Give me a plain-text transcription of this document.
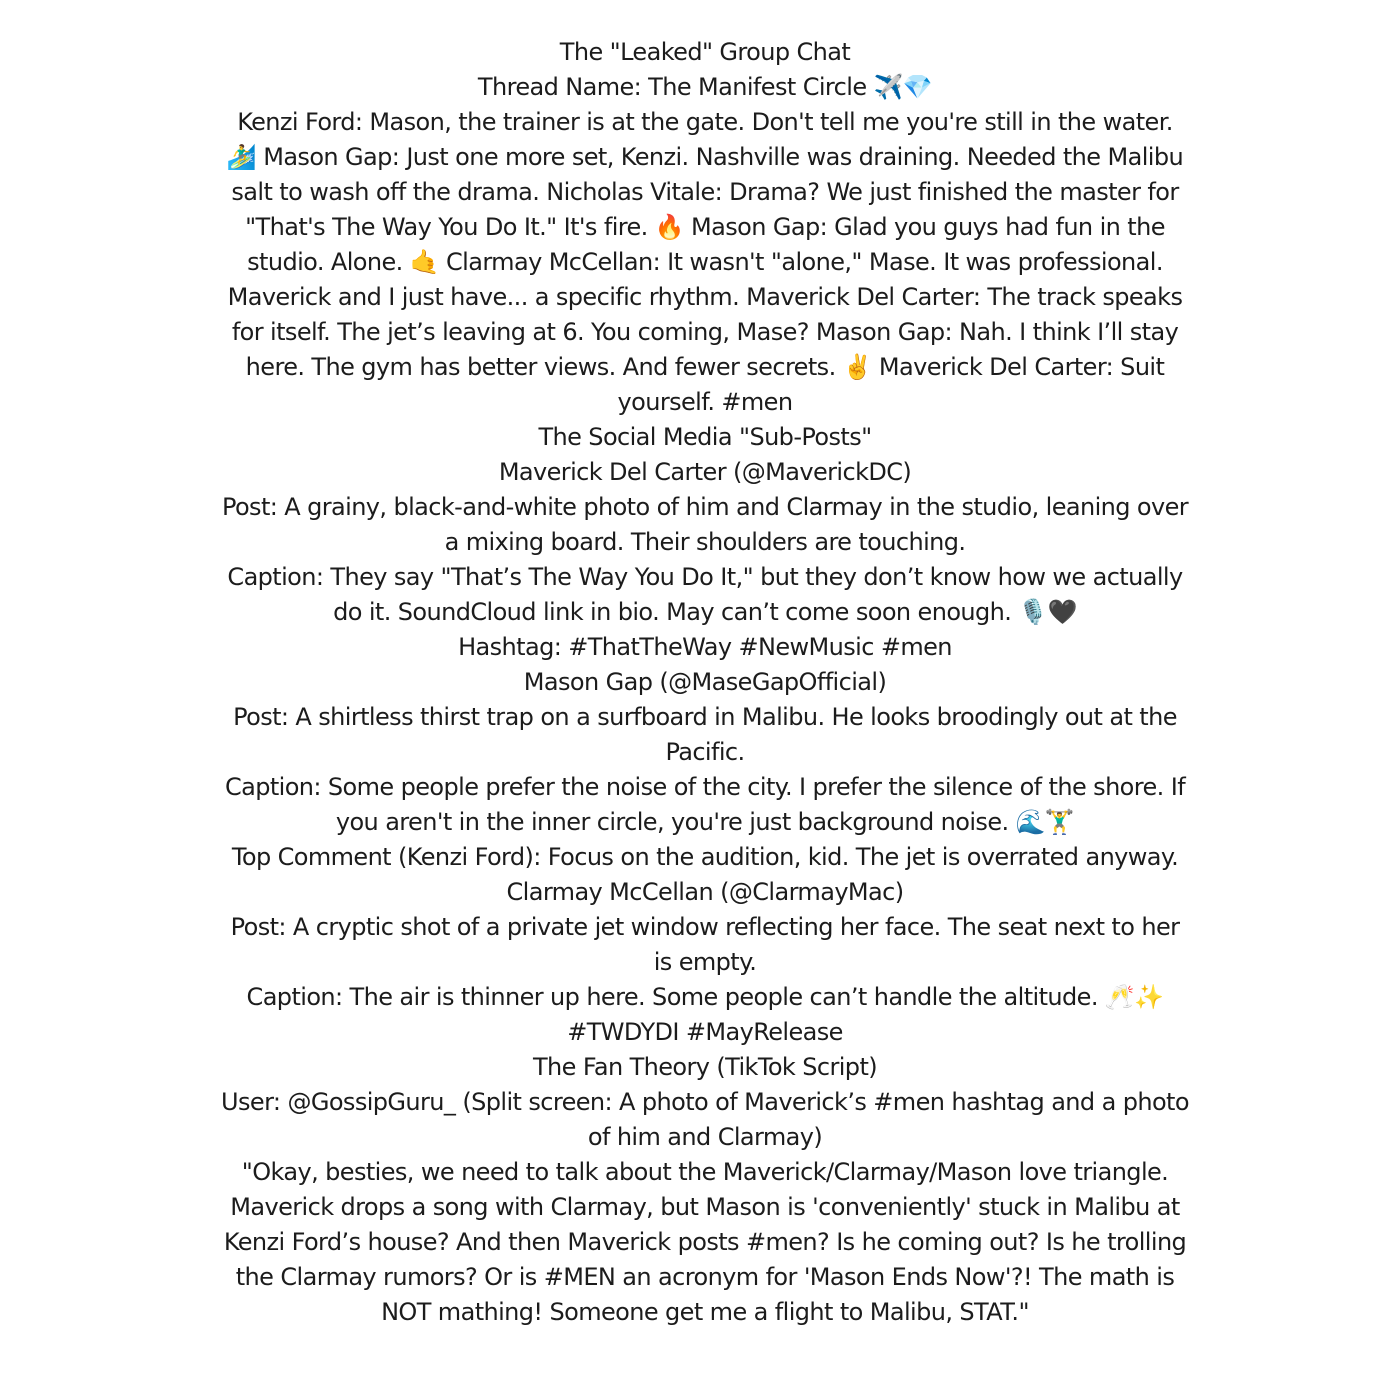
The "Leaked" Group Chat

Thread Name: The Manifest Circle ✈️💎

Kenzi Ford: Mason, the trainer is at the gate. Don't tell me you're still in the water. 🏄‍♂️ Mason Gap: Just one more set, Kenzi. Nashville was draining. Needed the Malibu salt to wash off the drama. Nicholas Vitale: Drama? We just finished the master for "That's The Way You Do It." It's fire. 🔥 Mason Gap: Glad you guys had fun in the studio. Alone. 🤙 Clarmay McCellan: It wasn't "alone," Mase. It was professional. Maverick and I just have... a specific rhythm. Maverick Del Carter: The track speaks for itself. The jet’s leaving at 6. You coming, Mase? Mason Gap: Nah. I think I’ll stay here. The gym has better views. And fewer secrets. ✌️ Maverick Del Carter: Suit yourself. #men

The Social Media "Sub-Posts"

Maverick Del Carter (@MaverickDC)

Post: A grainy, black-and-white photo of him and Clarmay in the studio, leaning over a mixing board. Their shoulders are touching.

Caption: They say "That’s The Way You Do It," but they don’t know how we actually do it. SoundCloud link in bio. May can’t come soon enough. 🎙️🖤

Hashtag: #ThatTheWay #NewMusic #men

Mason Gap (@MaseGapOfficial)

Post: A shirtless thirst trap on a surfboard in Malibu. He looks broodingly out at the Pacific.

Caption: Some people prefer the noise of the city. I prefer the silence of the shore. If you aren't in the inner circle, you're just background noise. 🌊🏋️‍♂️

Top Comment (Kenzi Ford): Focus on the audition, kid. The jet is overrated anyway.

Clarmay McCellan (@ClarmayMac)

Post: A cryptic shot of a private jet window reflecting her face. The seat next to her is empty.

Caption: The air is thinner up here. Some people can’t handle the altitude. 🥂✨ #TWDYDI #MayRelease

The Fan Theory (TikTok Script)

User: @GossipGuru_ (Split screen: A photo of Maverick’s #men hashtag and a photo of him and Clarmay)

"Okay, besties, we need to talk about the Maverick/Clarmay/Mason love triangle. Maverick drops a song with Clarmay, but Mason is 'conveniently' stuck in Malibu at Kenzi Ford’s house? And then Maverick posts #men? Is he coming out? Is he trolling the Clarmay rumors? Or is #MEN an acronym for 'Mason Ends Now'?! The math is NOT mathing! Someone get me a flight to Malibu, STAT."
